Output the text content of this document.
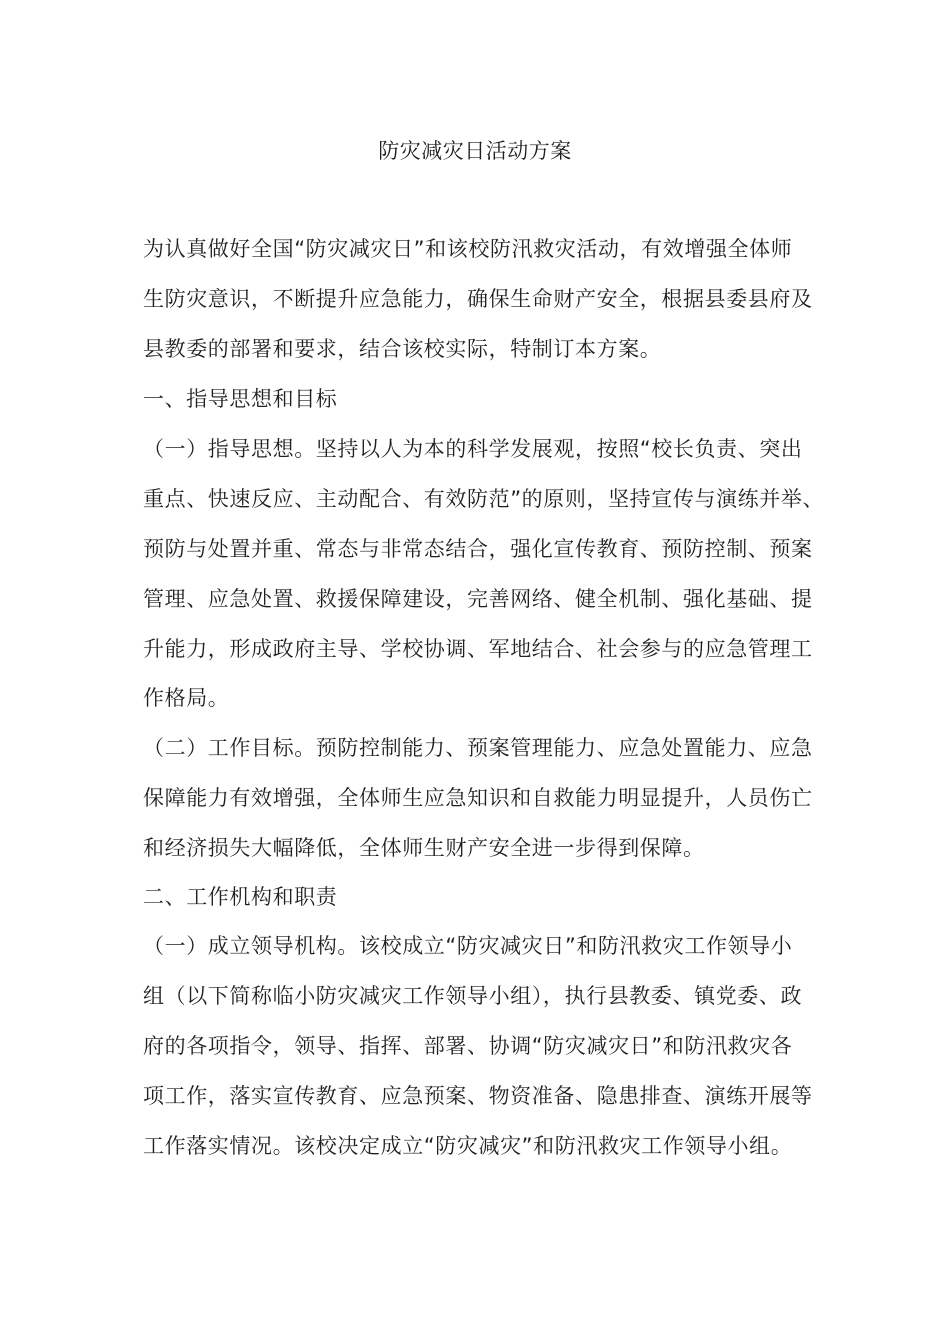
防灾减灾日活动方案
为认真做好全国“防灾减灾日”和该校防汛救灾活动，有效增强全体师
生防灾意识，不断提升应急能力，确保生命财产安全，根据县委县府及
县教委的部署和要求，结合该校实际，特制订本方案。
一、指导思想和目标
（一）指导思想。坚持以人为本的科学发展观，按照“校长负责、突出
重点、快速反应、主动配合、有效防范”的原则，坚持宣传与演练并举、
预防与处置并重、常态与非常态结合，强化宣传教育、预防控制、预案
管理、应急处置、救援保障建设，完善网络、健全机制、强化基础、提
升能力，形成政府主导、学校协调、军地结合、社会参与的应急管理工
作格局。
（二）工作目标。预防控制能力、预案管理能力、应急处置能力、应急
保障能力有效增强，全体师生应急知识和自救能力明显提升，人员伤亡
和经济损失大幅降低，全体师生财产安全进一步得到保障。
二、工作机构和职责
（一）成立领导机构。该校成立“防灾减灾日”和防汛救灾工作领导小
组（以下简称临小防灾减灾工作领导小组），执行县教委、镇党委、政
府的各项指令，领导、指挥、部署、协调“防灾减灾日”和防汛救灾各
项工作，落实宣传教育、应急预案、物资准备、隐患排查、演练开展等
工作落实情况。该校决定成立“防灾减灾”和防汛救灾工作领导小组。
